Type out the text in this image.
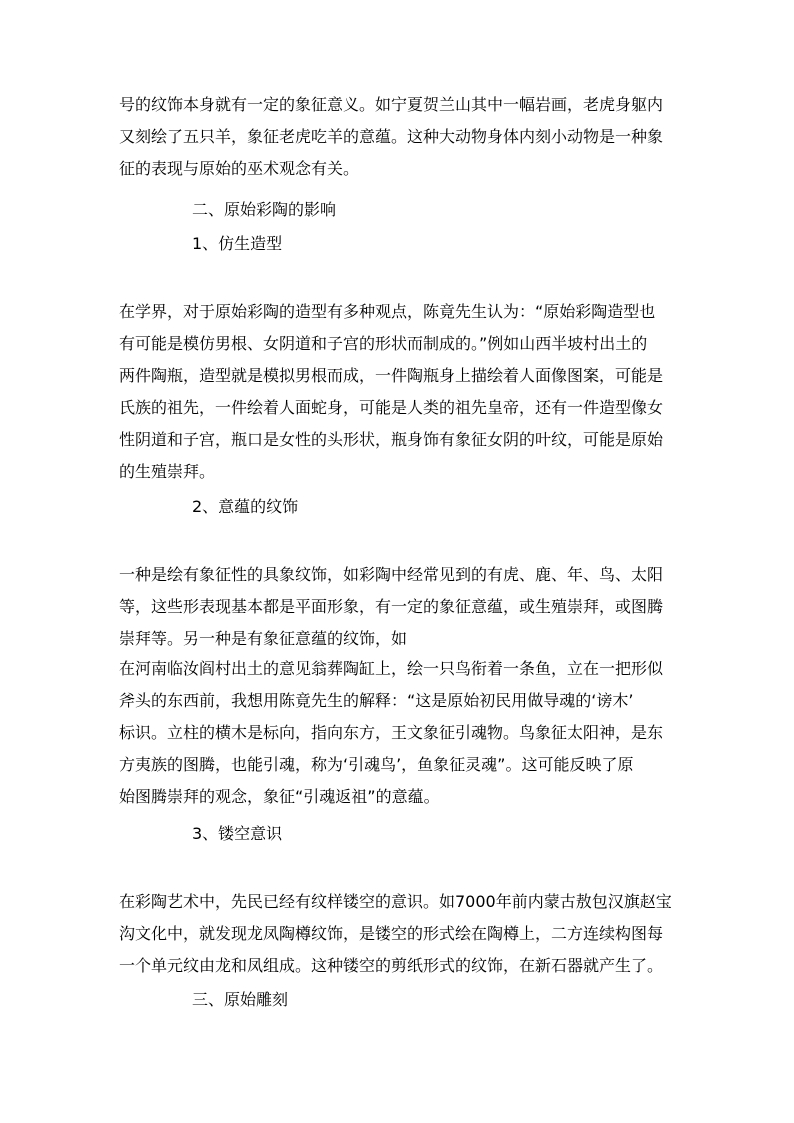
号的纹饰本身就有一定的象征意义。如宁夏贺兰山其中一幅岩画，老虎身躯内
又刻绘了五只羊，象征老虎吃羊的意蕴。这种大动物身体内刻小动物是一种象
征的表现与原始的巫术观念有关。
二、原始彩陶的影响
1、仿生造型
在学界，对于原始彩陶的造型有多种观点，陈竟先生认为：“原始彩陶造型也
有可能是模仿男根、女阴道和子宫的形状而制成的。”例如山西半坡村出土的
两件陶瓶，造型就是模拟男根而成，一件陶瓶身上描绘着人面像图案，可能是
氏族的祖先，一件绘着人面蛇身，可能是人类的祖先皇帝，还有一件造型像女
性阴道和子宫，瓶口是女性的头形状，瓶身饰有象征女阴的叶纹，可能是原始
的生殖崇拜。
2、意蕴的纹饰
一种是绘有象征性的具象纹饰，如彩陶中经常见到的有虎、鹿、年、鸟、太阳
等，这些形表现基本都是平面形象，有一定的象征意蕴，或生殖崇拜，或图腾
崇拜等。另一种是有象征意蕴的纹饰，如
在河南临汝阎村出土的意见翁葬陶缸上，绘一只鸟衔着一条鱼，立在一把形似
斧头的东西前，我想用陈竟先生的解释：“这是原始初民用做导魂的‘谤木’
标识。立柱的横木是标向，指向东方，王文象征引魂物。鸟象征太阳神，是东
方夷族的图腾，也能引魂，称为‘引魂鸟’，鱼象征灵魂”。这可能反映了原
始图腾崇拜的观念，象征“引魂返祖”的意蕴。
3、镂空意识
在彩陶艺术中，先民已经有纹样镂空的意识。如7000年前内蒙古敖包汉旗赵宝
沟文化中，就发现龙凤陶樽纹饰，是镂空的形式绘在陶樽上，二方连续构图每
一个单元纹由龙和凤组成。这种镂空的剪纸形式的纹饰，在新石器就产生了。
三、原始雕刻
